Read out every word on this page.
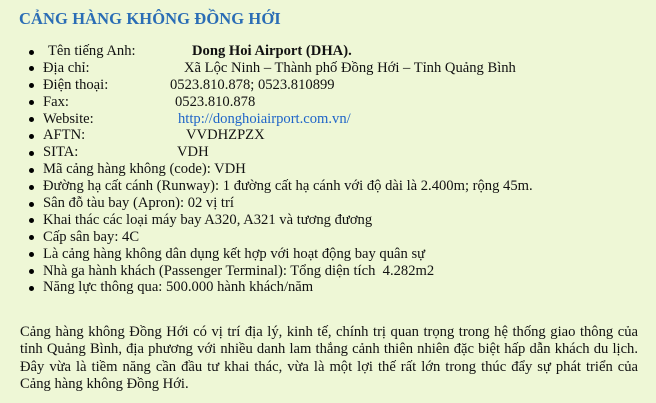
CẢNG HÀNG KHÔNG ĐỒNG HỚI
Tên tiếng Anh:	Dong Hoi Airport (DHA).
Địa chỉ:	Xã Lộc Ninh – Thành phố Đồng Hới – Tỉnh Quảng Bình
Điện thoại:	0523.810.878; 0523.810899
Fax:	0523.810.878
Website:	http://donghoiairport.com.vn/
AFTN:	VVDHZPZX
SITA:	VDH
Mã cảng hàng không (code): VDH
Đường hạ cất cánh (Runway): 1 đường cất hạ cánh với độ dài là 2.400m; rộng 45m.
Sân đỗ tàu bay (Apron): 02 vị trí
Khai thác các loại máy bay A320, A321 và tương đương
Cấp sân bay: 4C
Là cảng hàng không dân dụng kết hợp với hoạt động bay quân sự
Nhà ga hành khách (Passenger Terminal): Tổng diện tích  4.282m2
Năng lực thông qua: 500.000 hành khách/năm

Cảng hàng không Đồng Hới có vị trí địa lý, kinh tế, chính trị quan trọng trong hệ thống giao thông của tỉnh Quảng Bình, địa phương với nhiều danh lam thắng cảnh thiên nhiên đặc biệt hấp dẫn khách du lịch. Đây vừa là tiềm năng cần đầu tư khai thác, vừa là một lợi thế rất lớn trong thúc đẩy sự phát triển của Cảng hàng không Đồng Hới.
